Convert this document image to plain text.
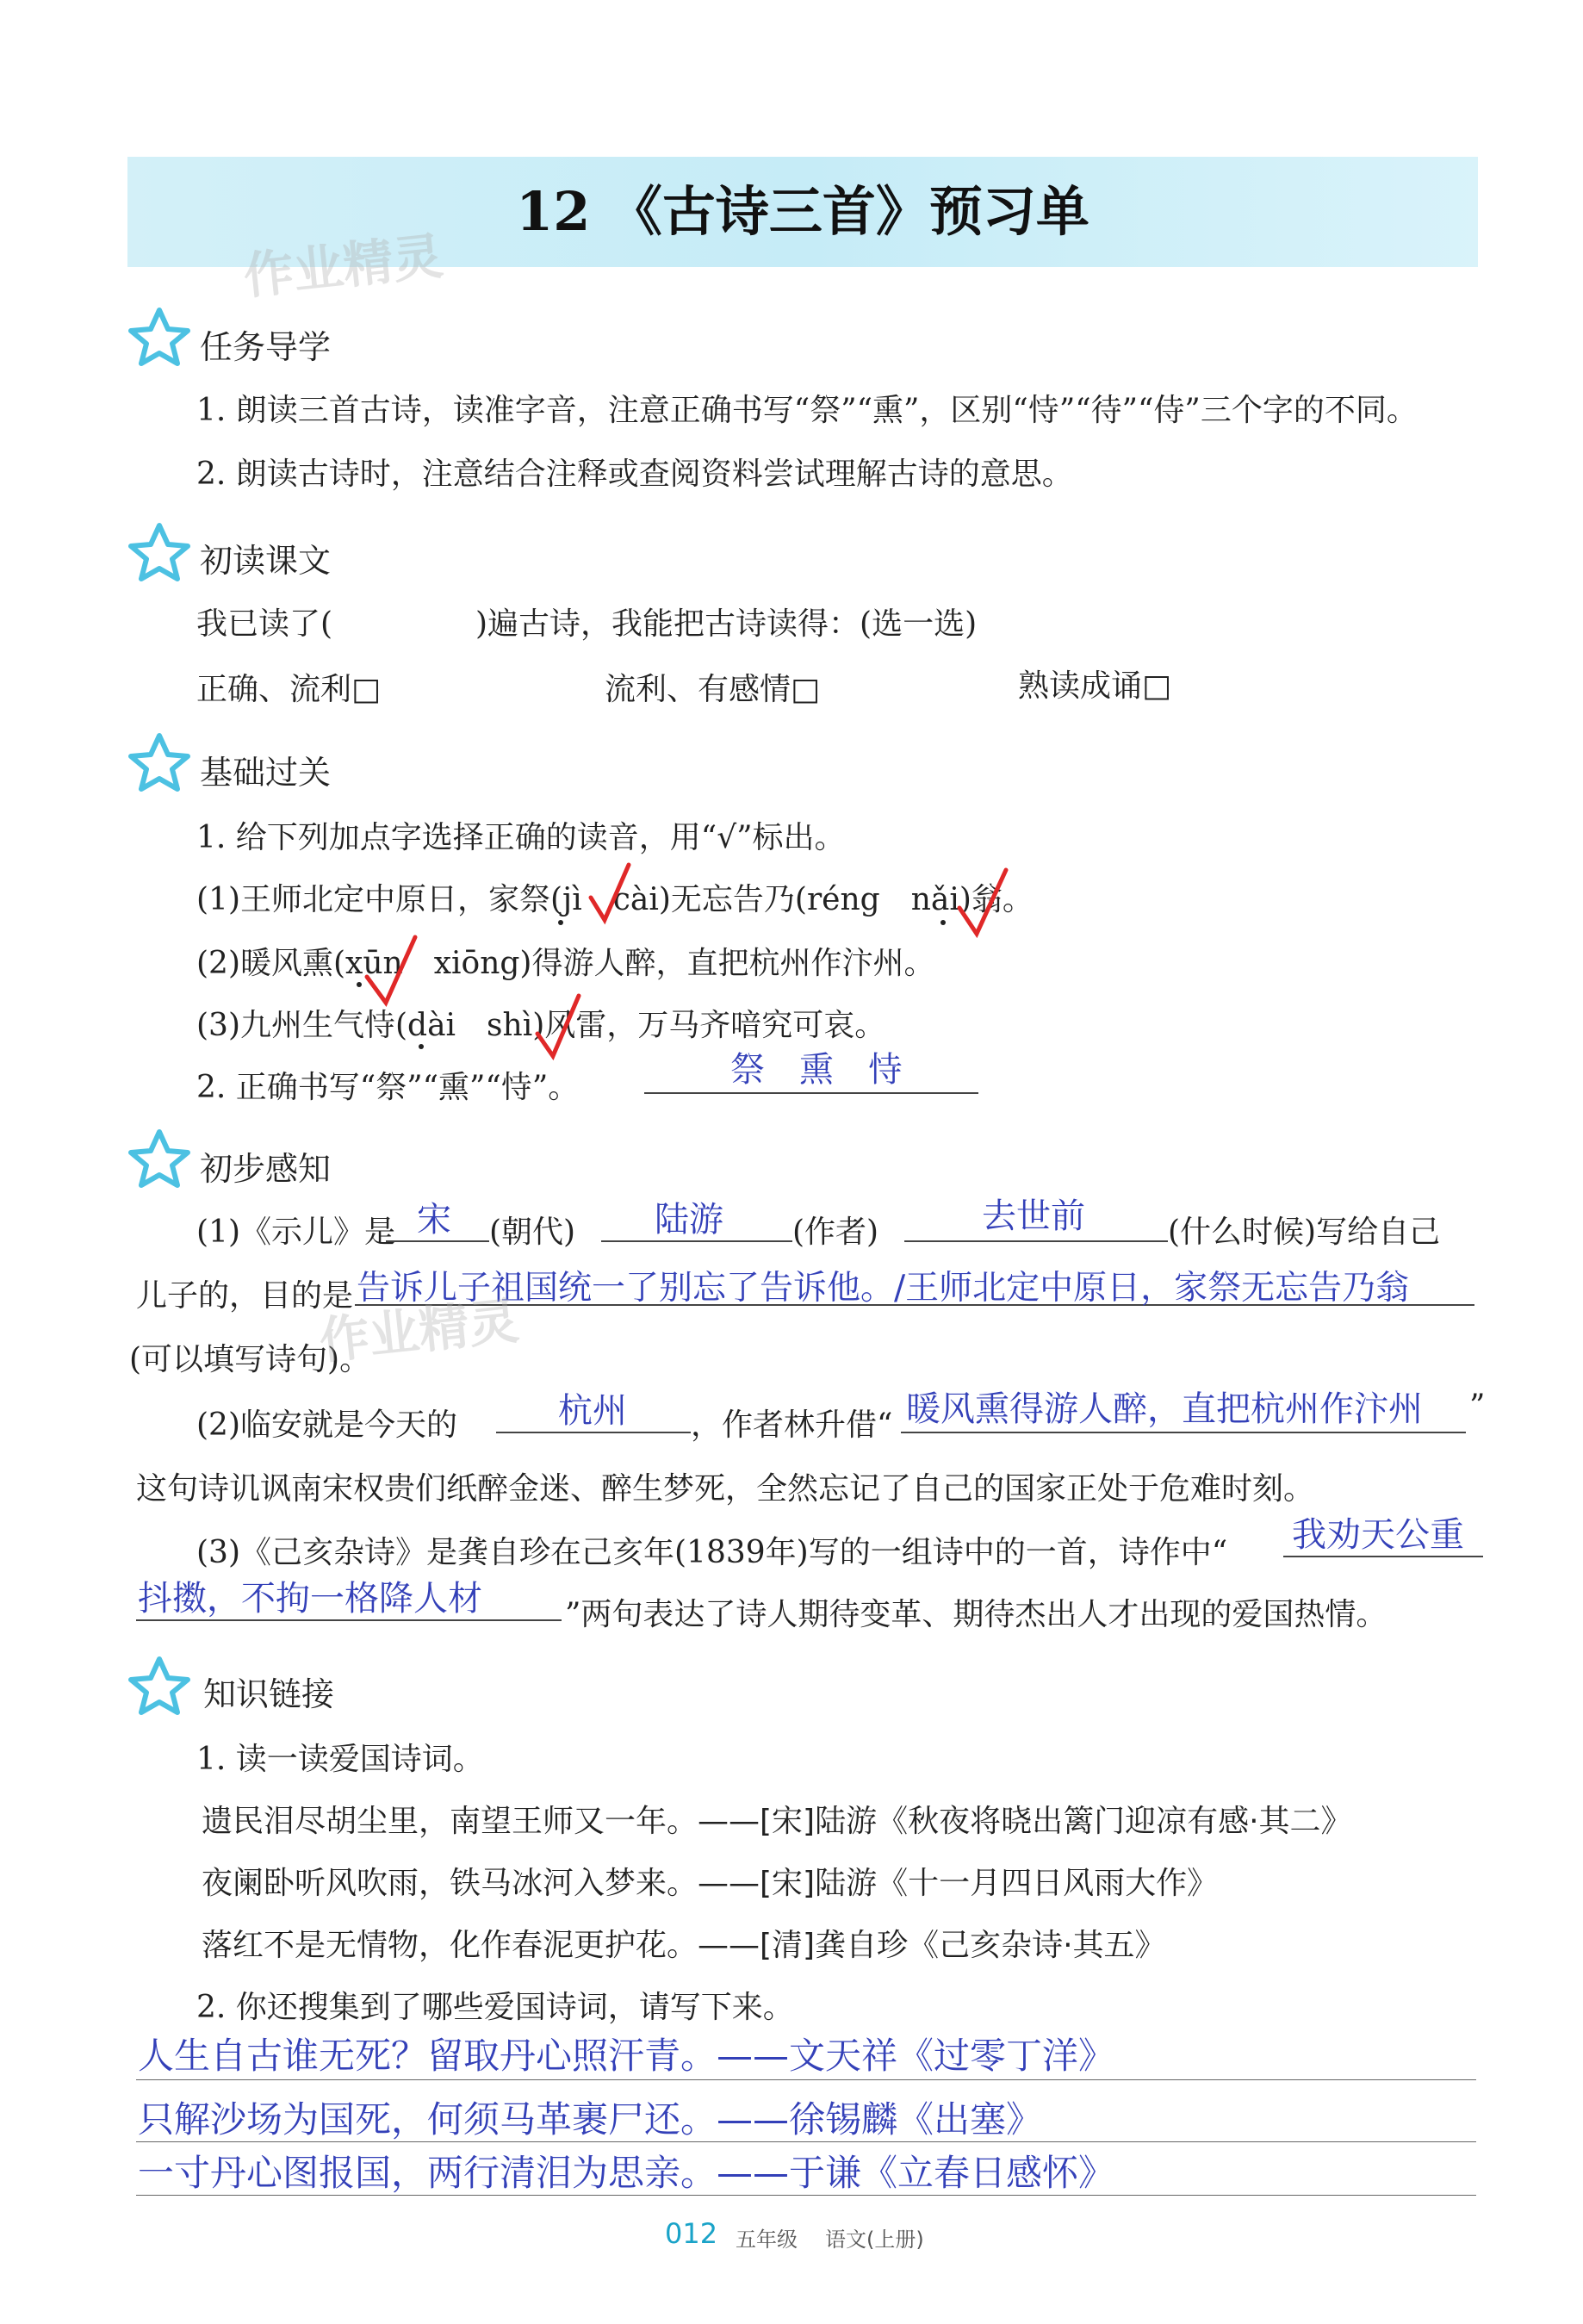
12 《古诗三首》预习单
作业精灵
任务导学
1. 朗读三首古诗，读准字音，注意正确书写“祭”“熏”，区别“恃”“待”“侍”三个字的不同。
2. 朗读古诗时，注意结合注释或查阅资料尝试理解古诗的意思。
初读课文
我已读了(	)遍古诗，我能把古诗读得：(选一选)
正确、流利□	流利、有感情□	熟读成诵□
基础过关
1. 给下列加点字选择正确的读音，用“√”标出。
(1)王师北定中原日，家祭(jì　cài)无忘告乃(réng　nǎi)翁。
(2)暖风熏(xūn　xiōng)得游人醉，直把杭州作汴州。
(3)九州生气恃(dài　shì)风雷，万马齐喑究可哀。
2. 正确书写“祭”“熏”“恃”。	祭　熏　恃
初步感知
(1)《示儿》是 宋 (朝代) 陆游 (作者)	去世前	(什么时候)写给自己
儿子的，目的是 告诉儿子祖国统一了别忘了告诉他。/王师北定中原日，家祭无忘告乃翁
(可以填写诗句)。
作业精灵
(2)临安就是今天的	杭州 ，作者林升借“ 暖风熏得游人醉，直把杭州作汴州 ”
这句诗讥讽南宋权贵们纸醉金迷、醉生梦死，全然忘记了自己的国家正处于危难时刻。
(3)《己亥杂诗》是龚自珍在己亥年(1839年)写的一组诗中的一首，诗作中“ 我劝天公重
抖擞，不拘一格降人材	”两句表达了诗人期待变革、期待杰出人才出现的爱国热情。
知识链接
1. 读一读爱国诗词。
遗民泪尽胡尘里，南望王师又一年。——[宋]陆游《秋夜将晓出篱门迎凉有感·其二》
夜阑卧听风吹雨，铁马冰河入梦来。——[宋]陆游《十一月四日风雨大作》
落红不是无情物，化作春泥更护花。——[清]龚自珍《己亥杂诗·其五》
2. 你还搜集到了哪些爱国诗词，请写下来。
人生自古谁无死？留取丹心照汗青。——文天祥《过零丁洋》
只解沙场为国死，何须马革裹尸还。——徐锡麟《出塞》
一寸丹心图报国，两行清泪为思亲。——于谦《立春日感怀》
012 五年级 语文(上册)
